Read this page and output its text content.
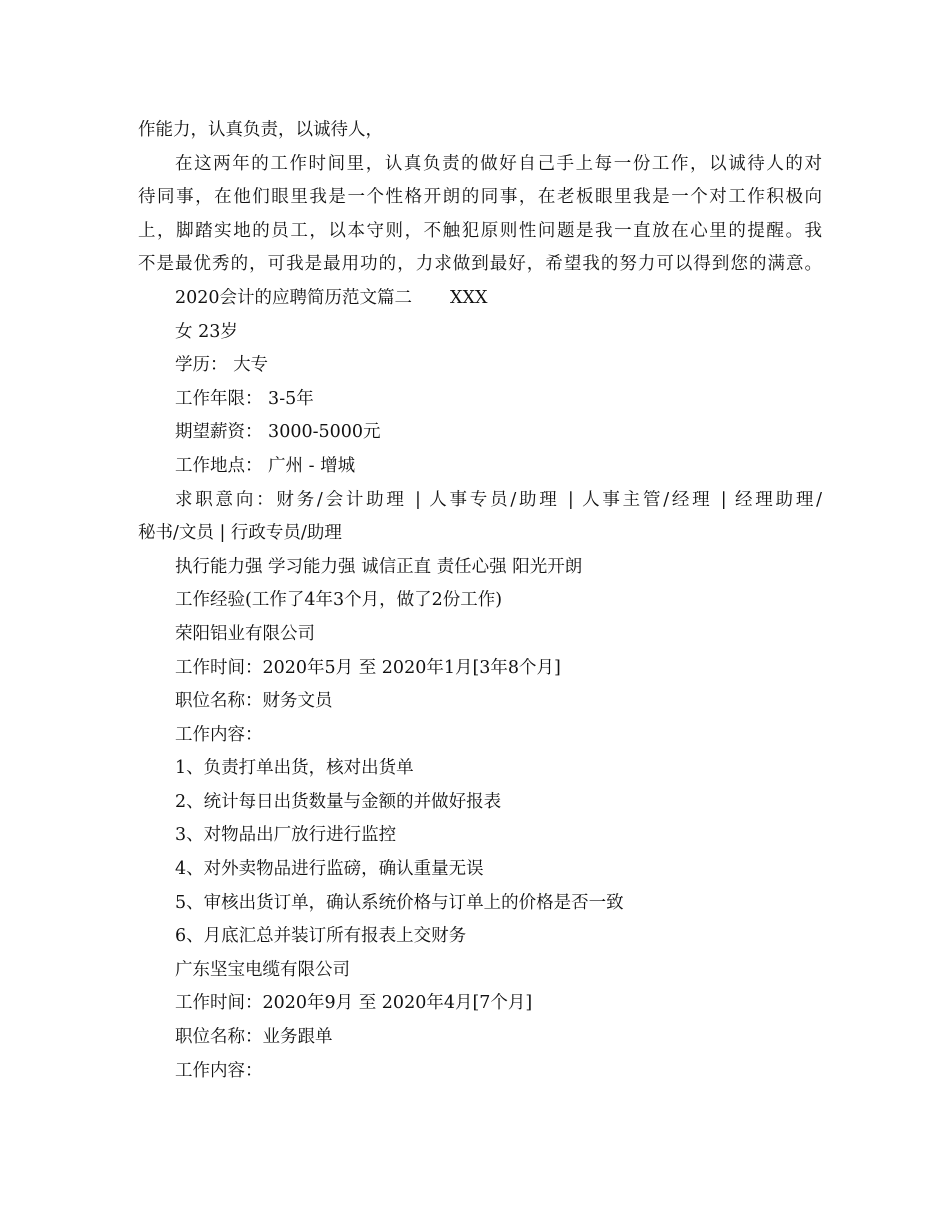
作能力，认真负责，以诚待人，
在这两年的工作时间里，认真负责的做好自己手上每一份工作，以诚待人的对
待同事，在他们眼里我是一个性格开朗的同事，在老板眼里我是一个对工作积极向
上，脚踏实地的员工，以本守则，不触犯原则性问题是我一直放在心里的提醒。我
不是最优秀的，可我是最用功的，力求做到最好，希望我的努力可以得到您的满意。
2020会计的应聘简历范文篇二 XXX
女 23岁
学历： 大专
工作年限： 3-5年
期望薪资： 3000-5000元
工作地点： 广州 - 增城
求职意向：财务/会计助理 | 人事专员/助理 | 人事主管/经理 | 经理助理/
秘书/文员 | 行政专员/助理
执行能力强 学习能力强 诚信正直 责任心强 阳光开朗
工作经验(工作了4年3个月，做了2份工作)
荣阳铝业有限公司
工作时间：2020年5月 至 2020年1月[3年8个月]
职位名称：财务文员
工作内容：
1、负责打单出货，核对出货单
2、统计每日出货数量与金额的并做好报表
3、对物品出厂放行进行监控
4、对外卖物品进行监磅，确认重量无误
5、审核出货订单，确认系统价格与订单上的价格是否一致
6、月底汇总并装订所有报表上交财务
广东坚宝电缆有限公司
工作时间：2020年9月 至 2020年4月[7个月]
职位名称：业务跟单
工作内容：
